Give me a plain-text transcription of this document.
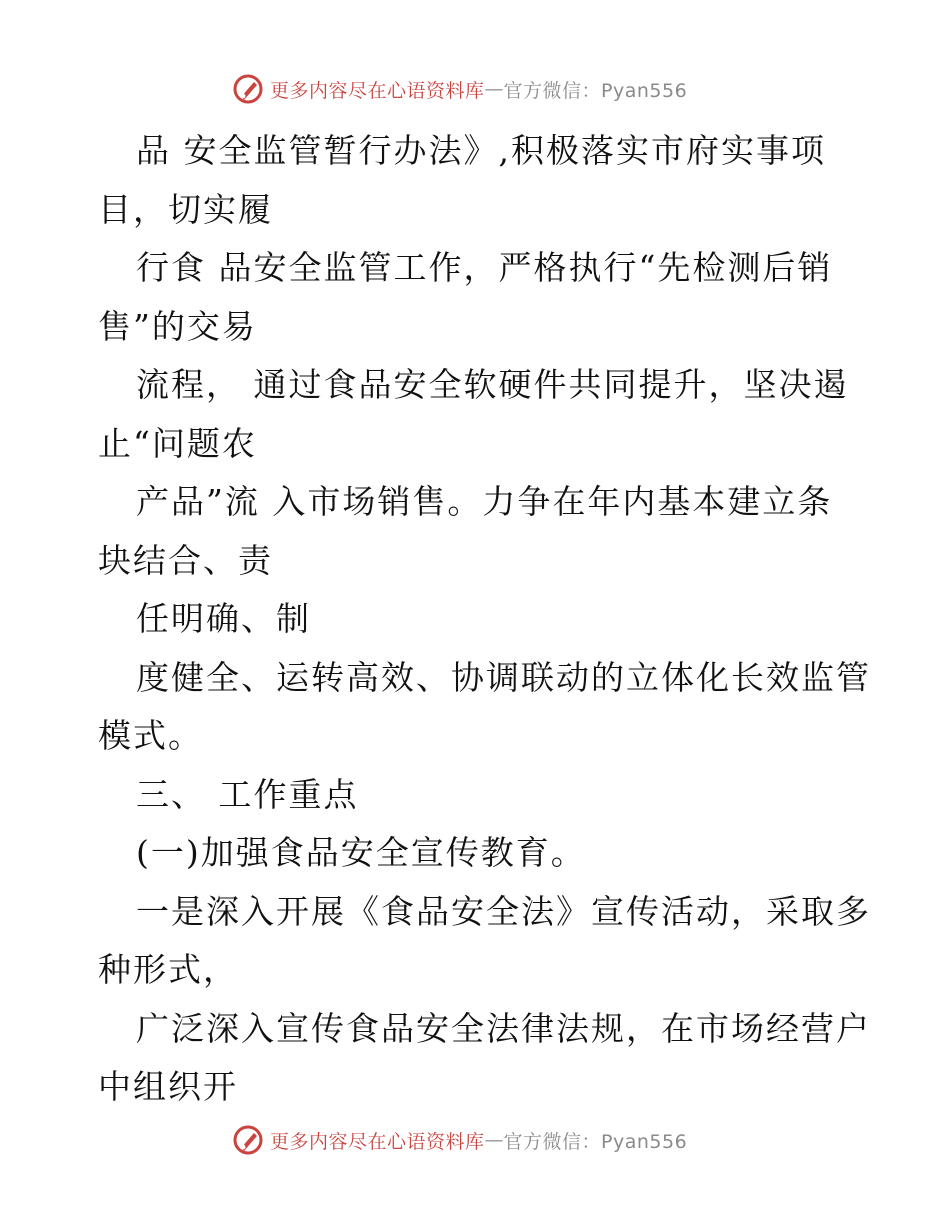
更多内容尽在心语资料库 — 官方微信：Pyan556
品 安全监管暂行办法》,积极落实市府实事项
目，切实履
行食 品安全监管工作，严格执行“先检测后销
售”的交易
流程， 通过食品安全软硬件共同提升，坚决遏
止“问题农
产品”流 入市场销售。力争在年内基本建立条
块结合、责
任明确、制
度健全、运转高效、协调联动的立体化长效监管
模式。
三、 工作重点
(一)加强食品安全宣传教育。
一是深入开展《食品安全法》宣传活动，采取多
种形式，
广泛深入宣传食品安全法律法规，在市场经营户
中组织开
更多内容尽在心语资料库 — 官方微信：Pyan556
